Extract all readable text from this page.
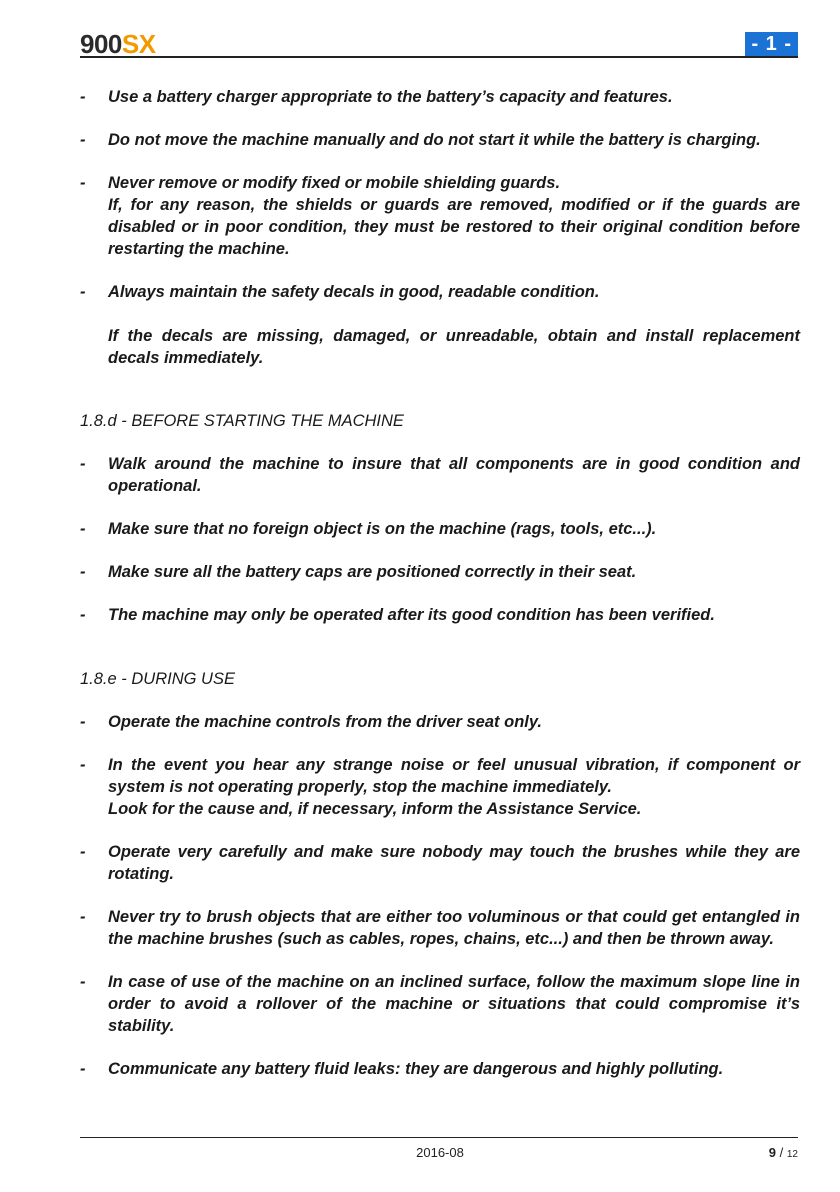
900SX	- 1 -
- Use a battery charger appropriate to the battery’s capacity and features.

- Do not move the machine manually and do not start it while the battery is charging.

- Never remove or modify fixed or mobile shielding guards.

If, for any reason, the shields or guards are removed, modified or if the guards are disabled or in poor condition, they must be restored to their original condition before restarting the machine.

- Always maintain the safety decals in good, readable condition.

If the decals are missing, damaged, or unreadable, obtain and install replacement decals immediately.

1.8.d - BEFORE STARTING THE MACHINE
- Walk around the machine to insure that all components are in good condition and operational.

- Make sure that no foreign object is on the machine (rags, tools, etc...).

- Make sure all the battery caps are positioned correctly in their seat.

- The machine may only be operated after its good condition has been verified.

1.8.e - DURING USE
- Operate the machine controls from the driver seat only.

- In the event you hear any strange noise or feel unusual vibration, if component or system is not operating properly, stop the machine immediately.

Look for the cause and, if necessary, inform the Assistance Service.

- Operate very carefully and make sure nobody may touch the brushes while they are rotating.

- Never try to brush objects that are either too voluminous or that could get entangled in the machine brushes (such as cables, ropes, chains, etc...) and then be thrown away.

- In case of use of the machine on an inclined surface, follow the maximum slope line in order to avoid a rollover of the machine or situations that could compromise it’s stability.

- Communicate any battery fluid leaks: they are dangerous and highly polluting.

2016-08	9 / 12
